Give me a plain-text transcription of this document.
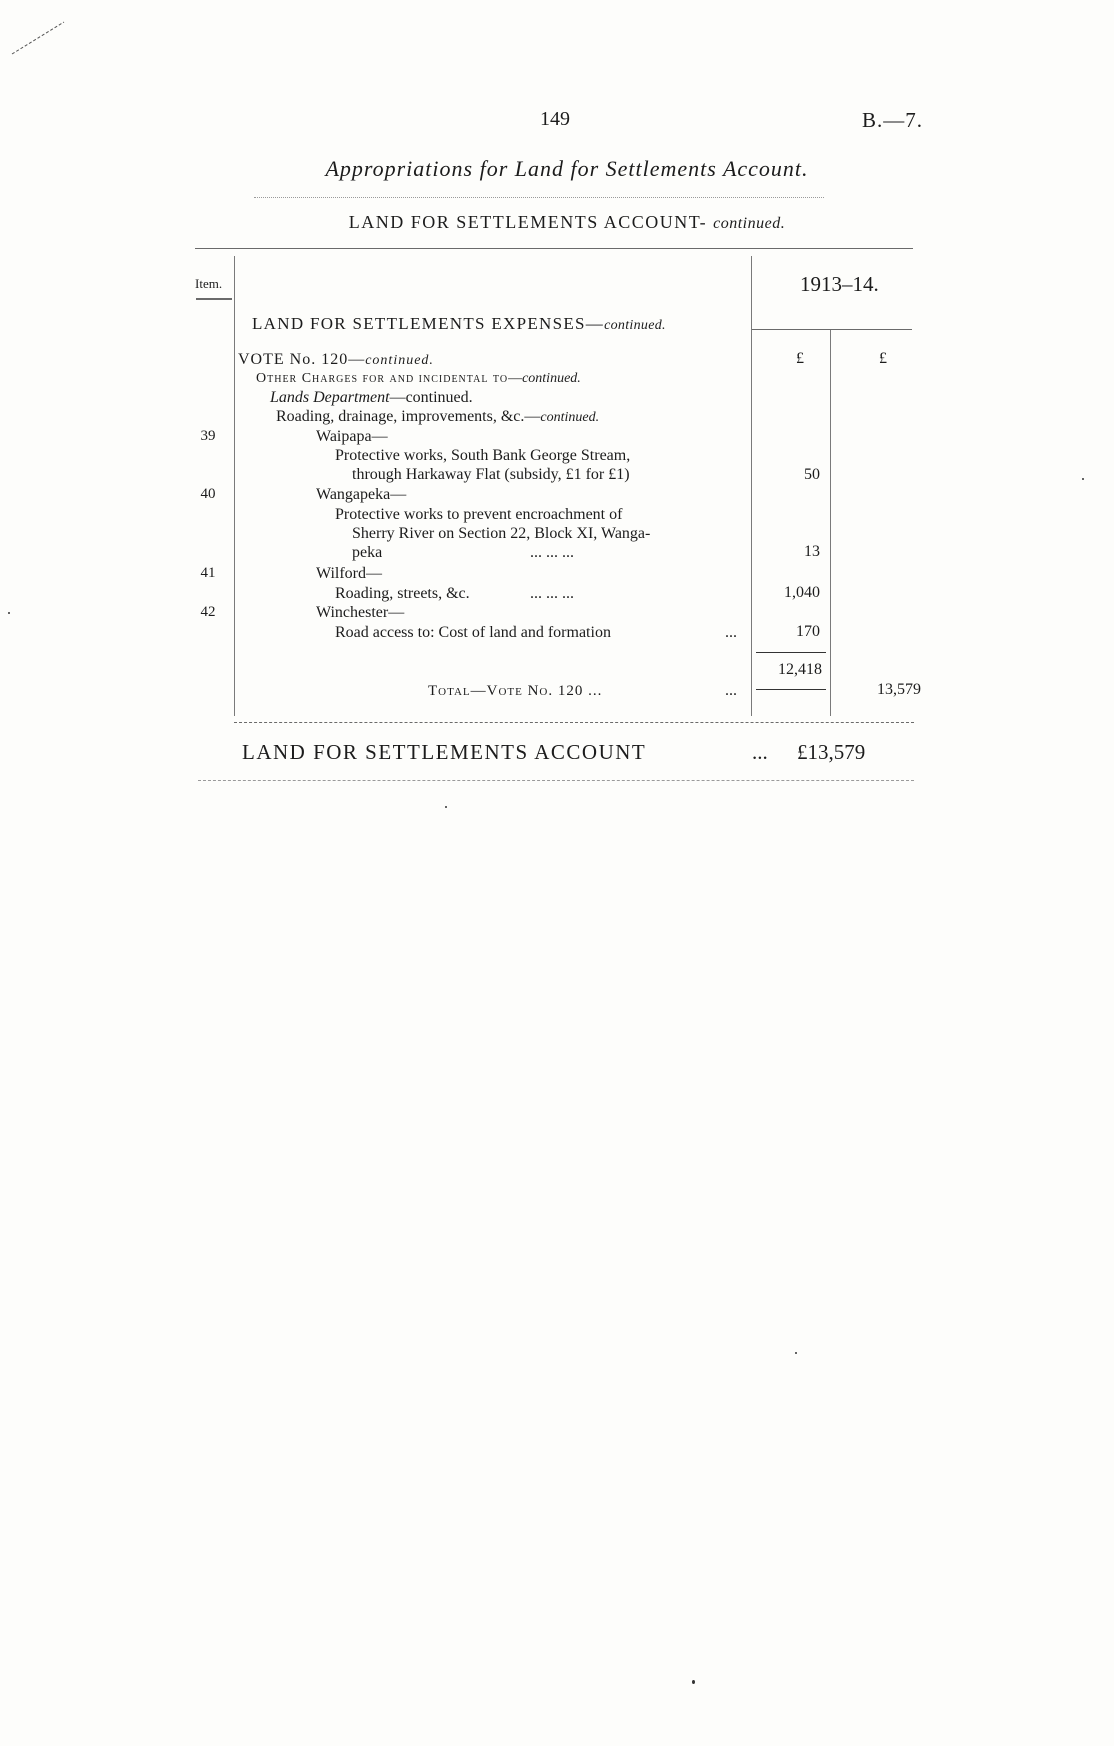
149	B.—7.
Appropriations for Land for Settlements Account.
LAND FOR SETTLEMENTS ACCOUNT- continued.
Item.	1913–14.
LAND FOR SETTLEMENTS EXPENSES—continued.
£	£
VOTE No. 120—continued.
Other Charges for and incidental to—continued.
Lands Department—continued.
Roading, drainage, improvements, &c.—continued.
39	Waipapa—
Protective works, South Bank George Stream,
through Harkaway Flat (subsidy, £1 for £1)	50
40	Wangapeka—
Protective works to prevent encroachment of
Sherry River on Section 22, Block XI, Wanga-
peka	... ... ...	13
41	Wilford—
Roading, streets, &c.	... ... ...	1,040
42	Winchester—
Road access to: Cost of land and formation	...	170
12,418
Total—Vote No. 120 ...	...	13,579
LAND FOR SETTLEMENTS ACCOUNT	... £13,579
